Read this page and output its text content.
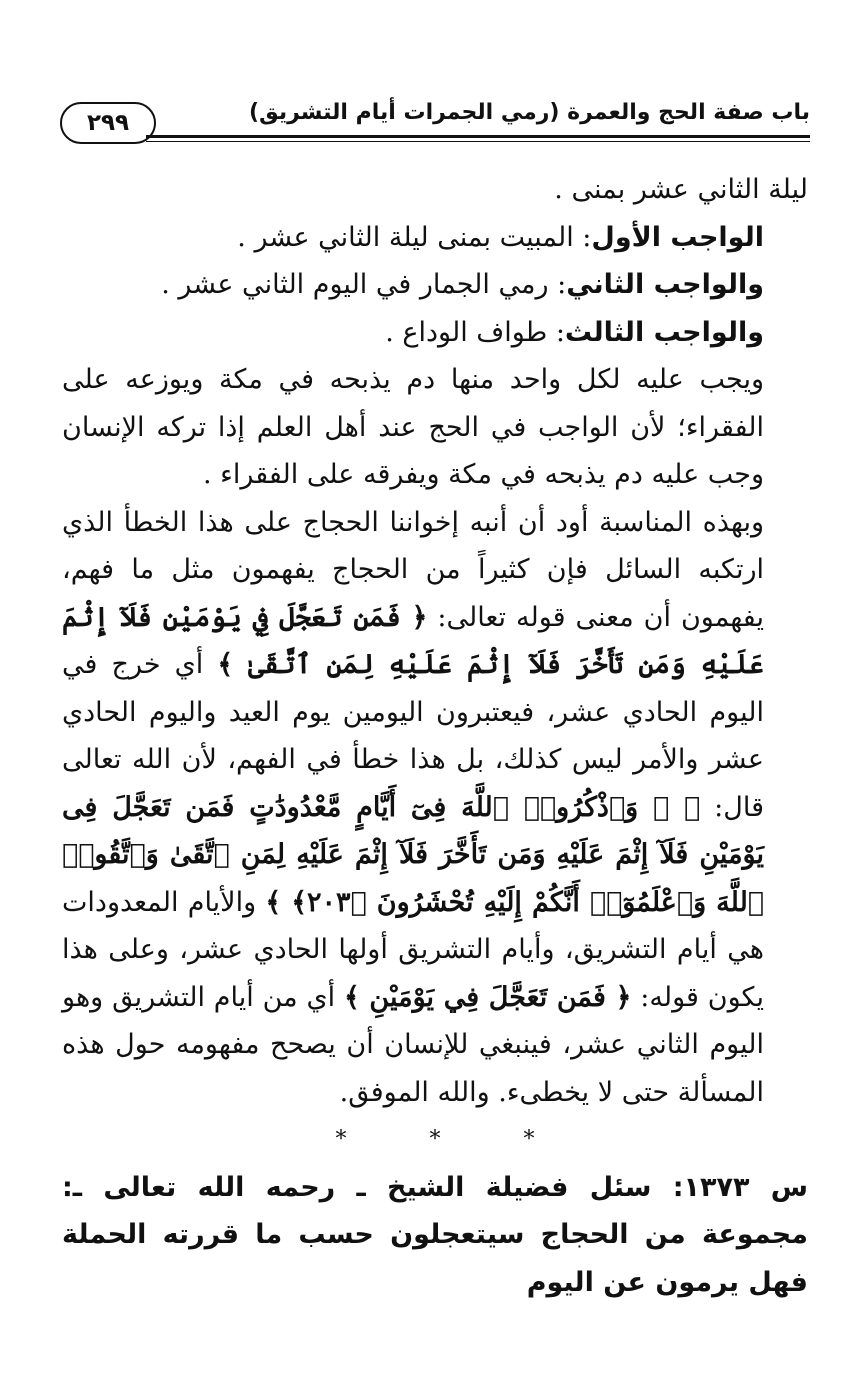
٢٩٩	باب صفة الحج والعمرة (رمي الجمرات أيام التشريق)

ليلة الثاني عشر بمنى .

الواجب الأول: المبيت بمنى ليلة الثاني عشر .

والواجب الثاني: رمي الجمار في اليوم الثاني عشر .

والواجب الثالث: طواف الوداع .

ويجب عليه لكل واحد منها دم يذبحه في مكة ويوزعه على الفقراء؛ لأن الواجب في الحج عند أهل العلم إذا تركه الإنسان وجب عليه دم يذبحه في مكة ويفرقه على الفقراء .

وبهذه المناسبة أود أن أنبه إخواننا الحجاج على هذا الخطأ الذي ارتكبه السائل فإن كثيراً من الحجاج يفهمون مثل ما فهم، يفهمون أن معنى قوله تعالى: ﴿ فَمَن تَعَجَّلَ فِي يَوْمَيْنِ فَلَآ إِثْمَ عَلَيْهِ وَمَن تَأَخَّرَ فَلَآ إِثْمَ عَلَيْهِ لِمَنِ ٱتَّقَىٰ ﴾ أي خرج في اليوم الحادي عشر، فيعتبرون اليومين يوم العيد واليوم الحادي عشر والأمر ليس كذلك، بل هذا خطأ في الفهم، لأن الله تعالى قال: ﴿ ۞ وَٱذْكُرُوا۟ ٱللَّهَ فِىٓ أَيَّامٍ مَّعْدُودَٰتٍ فَمَن تَعَجَّلَ فِى يَوْمَيْنِ فَلَآ إِثْمَ عَلَيْهِ وَمَن تَأَخَّرَ فَلَآ إِثْمَ عَلَيْهِ لِمَنِ ٱتَّقَىٰ وَٱتَّقُوا۟ ٱللَّهَ وَٱعْلَمُوٓا۟ أَنَّكُمْ إِلَيْهِ تُحْشَرُونَ ﴿٢٠٣﴾ ﴾ والأيام المعدودات هي أيام التشريق، وأيام التشريق أولها الحادي عشر، وعلى هذا يكون قوله: ﴿ فَمَن تَعَجَّلَ فِي يَوْمَيْنِ ﴾ أي من أيام التشريق وهو اليوم الثاني عشر، فينبغي للإنسان أن يصحح مفهومه حول هذه المسألة حتى لا يخطىء. والله الموفق.

* * *

س ١٣٧٣: سئل فضيلة الشيخ ـ رحمه الله تعالى ـ: مجموعة من الحجاج سيتعجلون حسب ما قررته الحملة فهل يرمون عن اليوم
